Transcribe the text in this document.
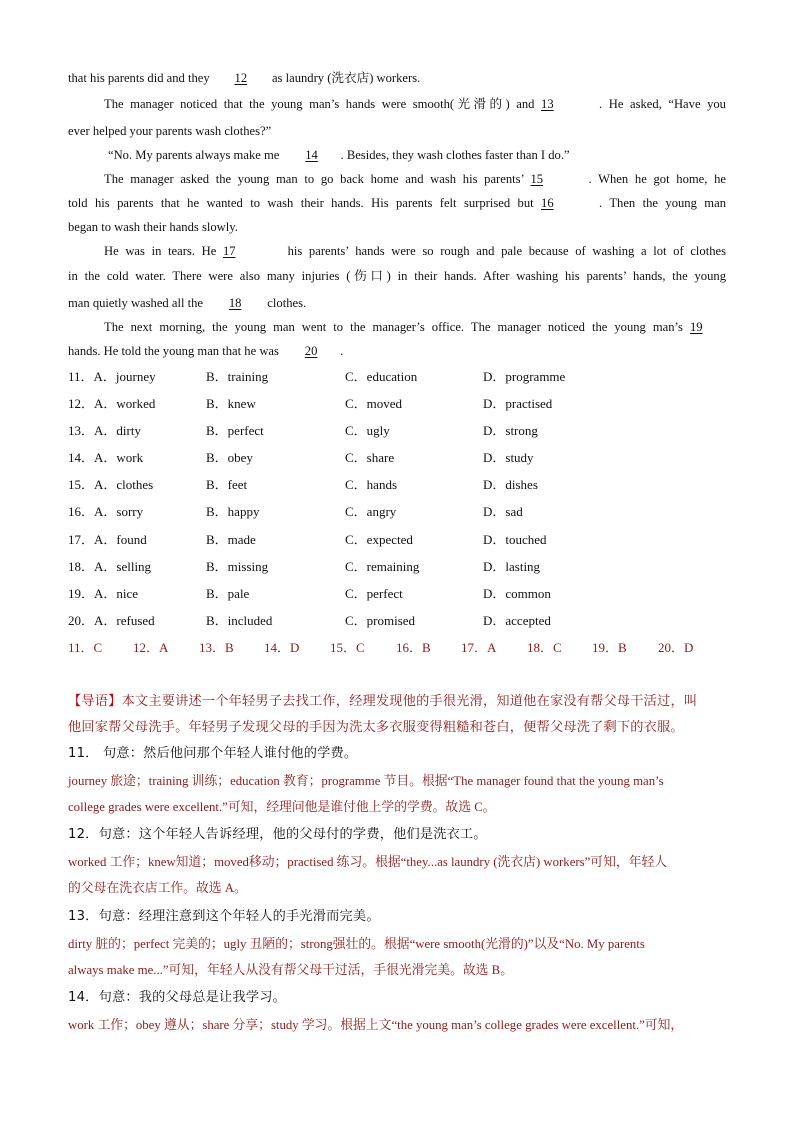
that his parents did and they 12 as laundry (洗衣店) workers.
The manager noticed that the young man’s hands were smooth(光滑的) and 13	. He asked, “Have you
ever helped your parents wash clothes?”
“No. My parents always make me 14 . Besides, they wash clothes faster than I do.”
The manager asked the young man to go back home and wash his parents’ 15	. When he got home, he
told his parents that he wanted to wash their hands. His parents felt surprised but 16	. Then the young man
began to wash their hands slowly.
He was in tears. He 17	his parents’ hands were so rough and pale because of washing a lot of clothes
in the cold water. There were also many injuries (伤口) in their hands. After washing his parents’ hands, the young
man quietly washed all the 18 clothes.
The next morning, the young man went to the manager’s office. The manager noticed the young man’s 19
hands. He told the young man that he was 20 .
11．A．journey	B．training	C．education	D．programme
12．A．worked	B．knew	C．moved	D．practised
13．A．dirty	B．perfect	C．ugly	D．strong
14．A．work	B．obey	C．share	D．study
15．A．clothes	B．feet	C．hands	D．dishes
16．A．sorry	B．happy	C．angry	D．sad
17．A．found	B．made	C．expected	D．touched
18．A．selling	B．missing	C．remaining	D．lasting
19．A．nice	B．pale	C．perfect	D．common
20．A．refused	B．included	C．promised	D．accepted
11．C 12．A 13．B 14．D 15．C 16．B 17．A 18．C 19．B 20．D
【导语】本文主要讲述一个年轻男子去找工作，经理发现他的手很光滑，知道他在家没有帮父母干活过，叫
他回家帮父母洗手。年轻男子发现父母的手因为洗太多衣服变得粗糙和苍白，便帮父母洗了剩下的衣服。
11． 句意：然后他问那个年轻人谁付他的学费。
journey 旅途；training 训练；education 教育；programme 节目。根据“The manager found that the young man’s
college grades were excellent.”可知，经理问他是谁付他上学的学费。故选 C。
12．句意：这个年轻人告诉经理，他的父母付的学费，他们是洗衣工。
worked 工作；knew知道；moved移动；practised 练习。根据“they...as laundry (洗衣店) workers”可知，年轻人
的父母在洗衣店工作。故选 A。
13．句意：经理注意到这个年轻人的手光滑而完美。
dirty 脏的；perfect 完美的；ugly 丑陋的；strong强壮的。根据“were smooth(光滑的)”以及“No. My parents
always make me...”可知，年轻人从没有帮父母干过活，手很光滑完美。故选 B。
14．句意：我的父母总是让我学习。
work 工作；obey 遵从；share 分享；study 学习。根据上文“the young man’s college grades were excellent.”可知，
